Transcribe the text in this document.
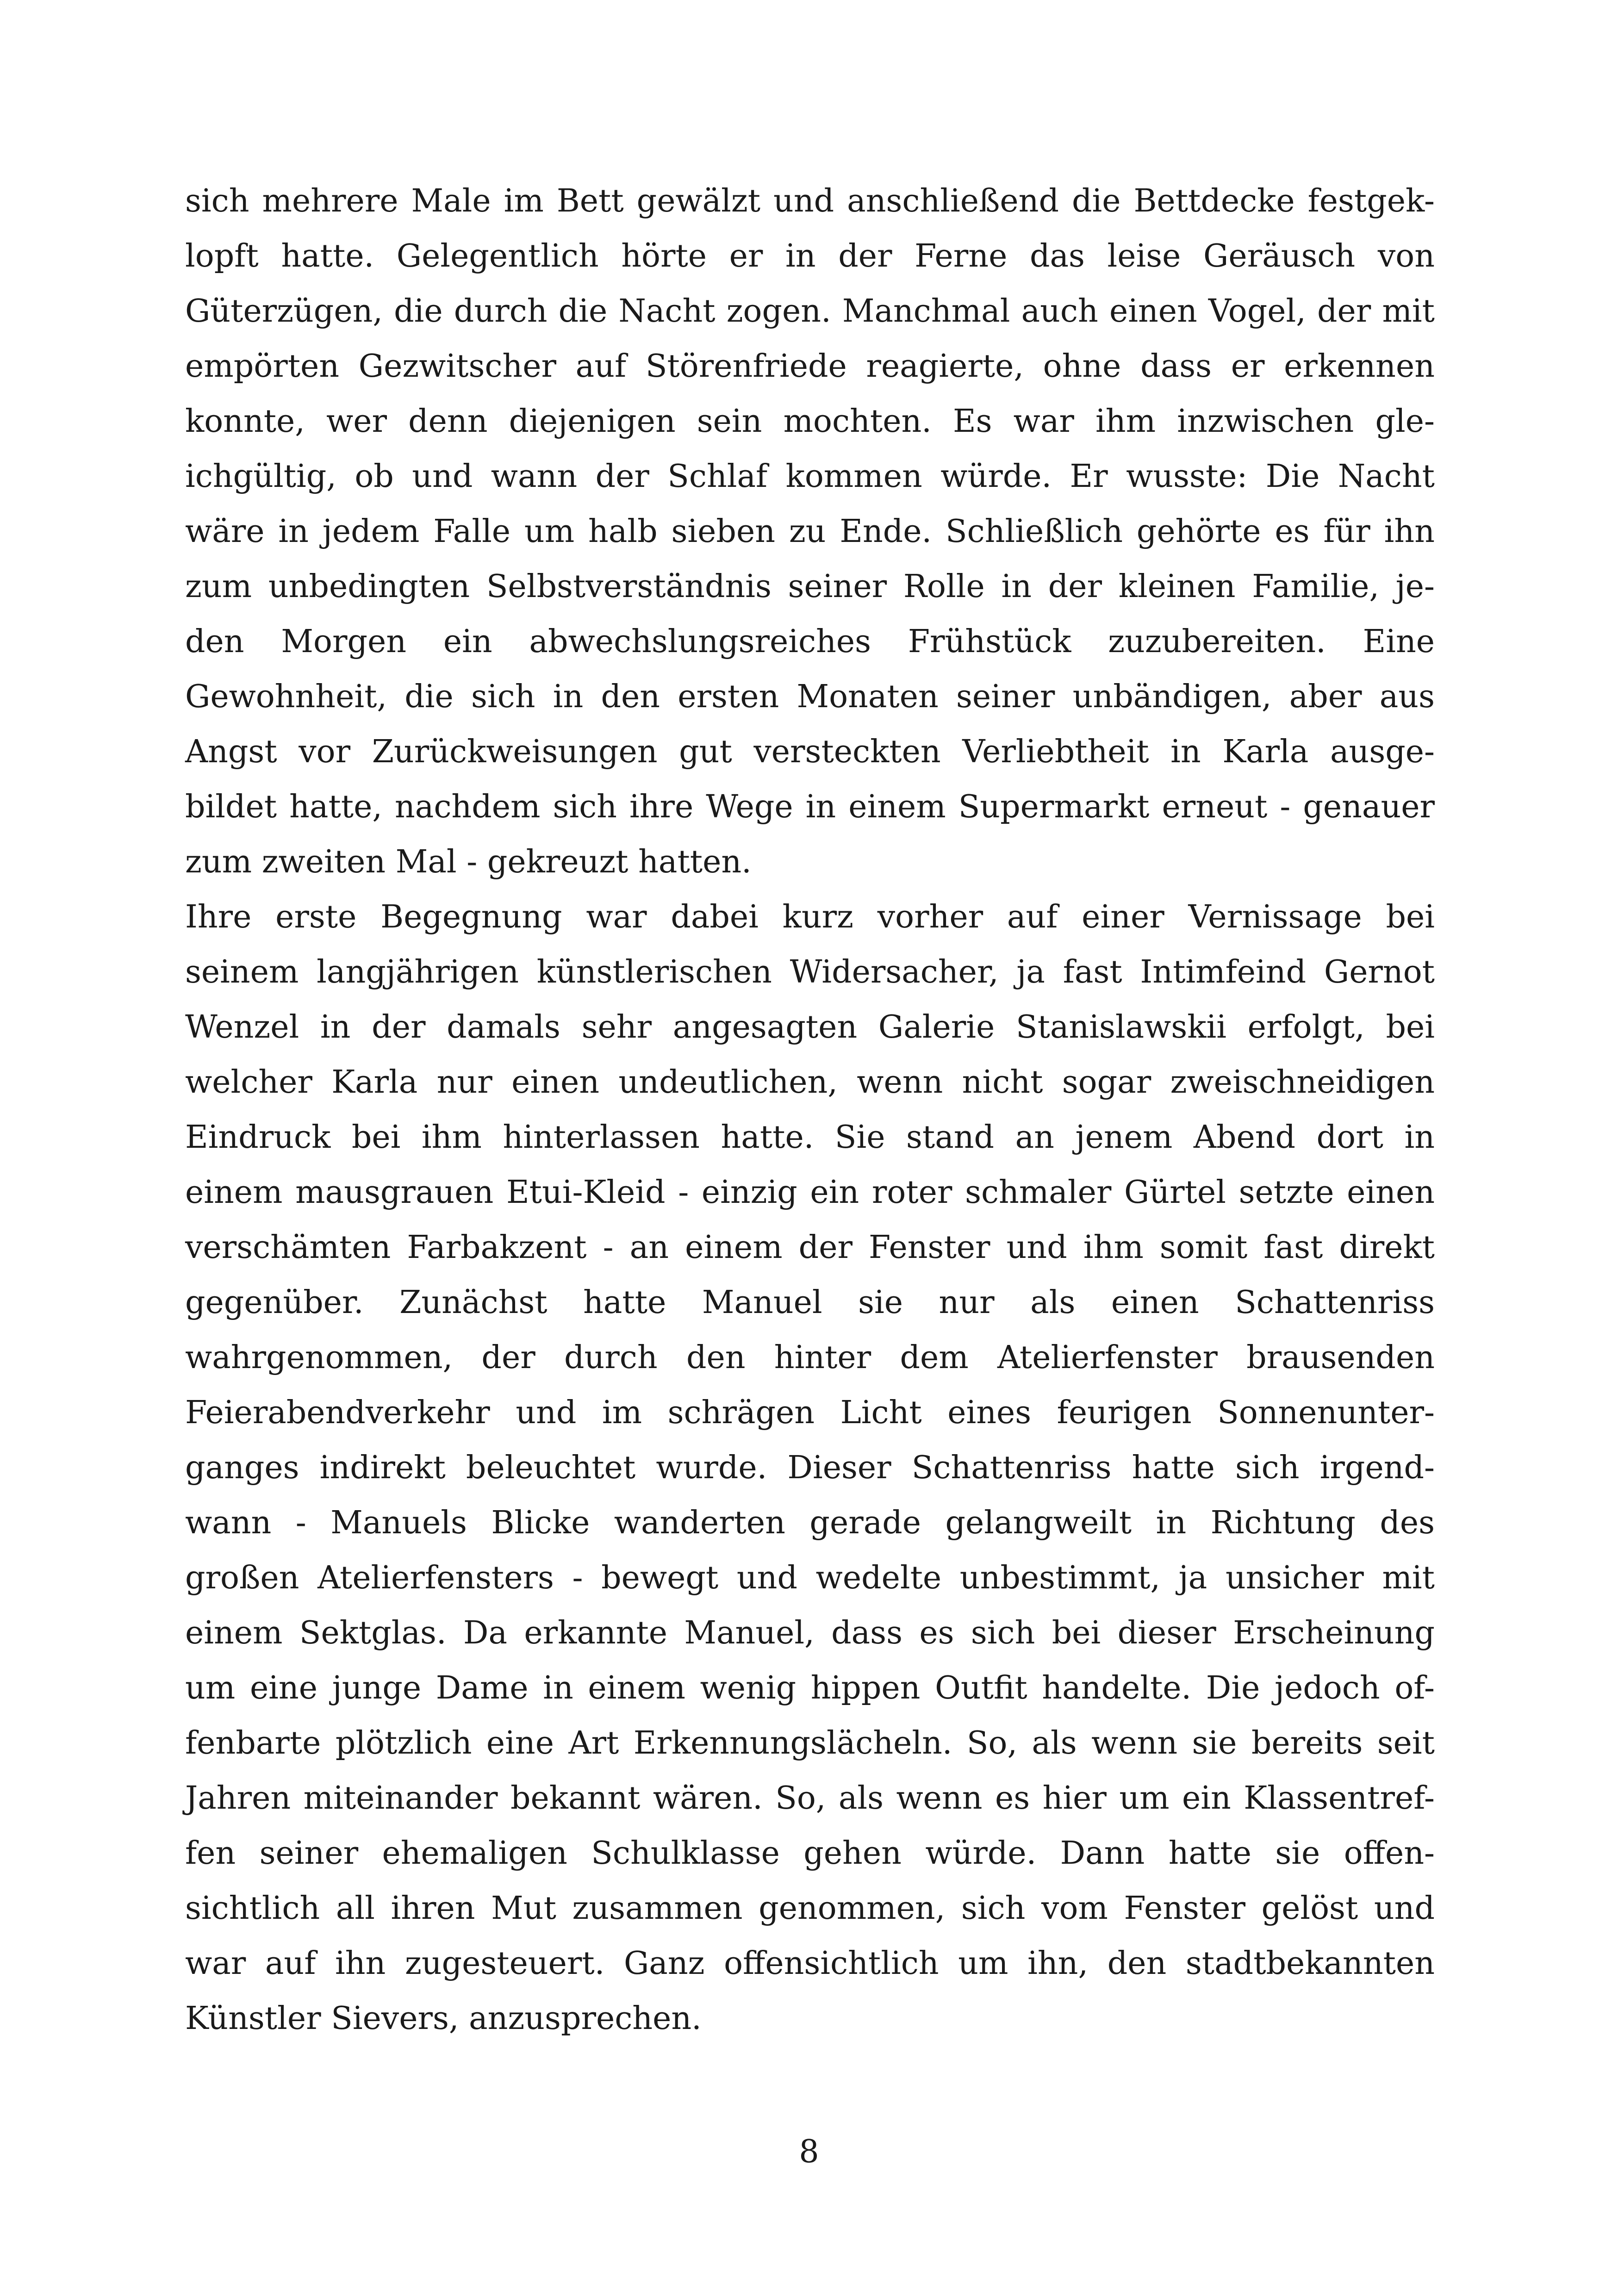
sich mehrere Male im Bett gewälzt und anschließend die Bettdecke festgek-
lopft hatte. Gelegentlich hörte er in der Ferne das leise Geräusch von
Güterzügen, die durch die Nacht zogen. Manchmal auch einen Vogel, der mit
empörten Gezwitscher auf Störenfriede reagierte, ohne dass er erkennen
konnte, wer denn diejenigen sein mochten. Es war ihm inzwischen gle-
ichgültig, ob und wann der Schlaf kommen würde. Er wusste: Die Nacht
wäre in jedem Falle um halb sieben zu Ende. Schließlich gehörte es für ihn
zum unbedingten Selbstverständnis seiner Rolle in der kleinen Familie, je-
den Morgen ein abwechslungsreiches Frühstück zuzubereiten. Eine
Gewohnheit, die sich in den ersten Monaten seiner unbändigen, aber aus
Angst vor Zurückweisungen gut versteckten Verliebtheit in Karla ausge-
bildet hatte, nachdem sich ihre Wege in einem Supermarkt erneut - genauer
zum zweiten Mal - gekreuzt hatten.
Ihre erste Begegnung war dabei kurz vorher auf einer Vernissage bei
seinem langjährigen künstlerischen Widersacher, ja fast Intimfeind Gernot
Wenzel in der damals sehr angesagten Galerie Stanislawskii erfolgt, bei
welcher Karla nur einen undeutlichen, wenn nicht sogar zweischneidigen
Eindruck bei ihm hinterlassen hatte. Sie stand an jenem Abend dort in
einem mausgrauen Etui-Kleid - einzig ein roter schmaler Gürtel setzte einen
verschämten Farbakzent - an einem der Fenster und ihm somit fast direkt
gegenüber. Zunächst hatte Manuel sie nur als einen Schattenriss
wahrgenommen, der durch den hinter dem Atelierfenster brausenden
Feierabendverkehr und im schrägen Licht eines feurigen Sonnenunter-
ganges indirekt beleuchtet wurde. Dieser Schattenriss hatte sich irgend-
wann - Manuels Blicke wanderten gerade gelangweilt in Richtung des
großen Atelierfensters - bewegt und wedelte unbestimmt, ja unsicher mit
einem Sektglas. Da erkannte Manuel, dass es sich bei dieser Erscheinung
um eine junge Dame in einem wenig hippen Outfit handelte. Die jedoch of-
fenbarte plötzlich eine Art Erkennungslächeln. So, als wenn sie bereits seit
Jahren miteinander bekannt wären. So, als wenn es hier um ein Klassentref-
fen seiner ehemaligen Schulklasse gehen würde. Dann hatte sie offen-
sichtlich all ihren Mut zusammen genommen, sich vom Fenster gelöst und
war auf ihn zugesteuert. Ganz offensichtlich um ihn, den stadtbekannten
Künstler Sievers, anzusprechen.
8
